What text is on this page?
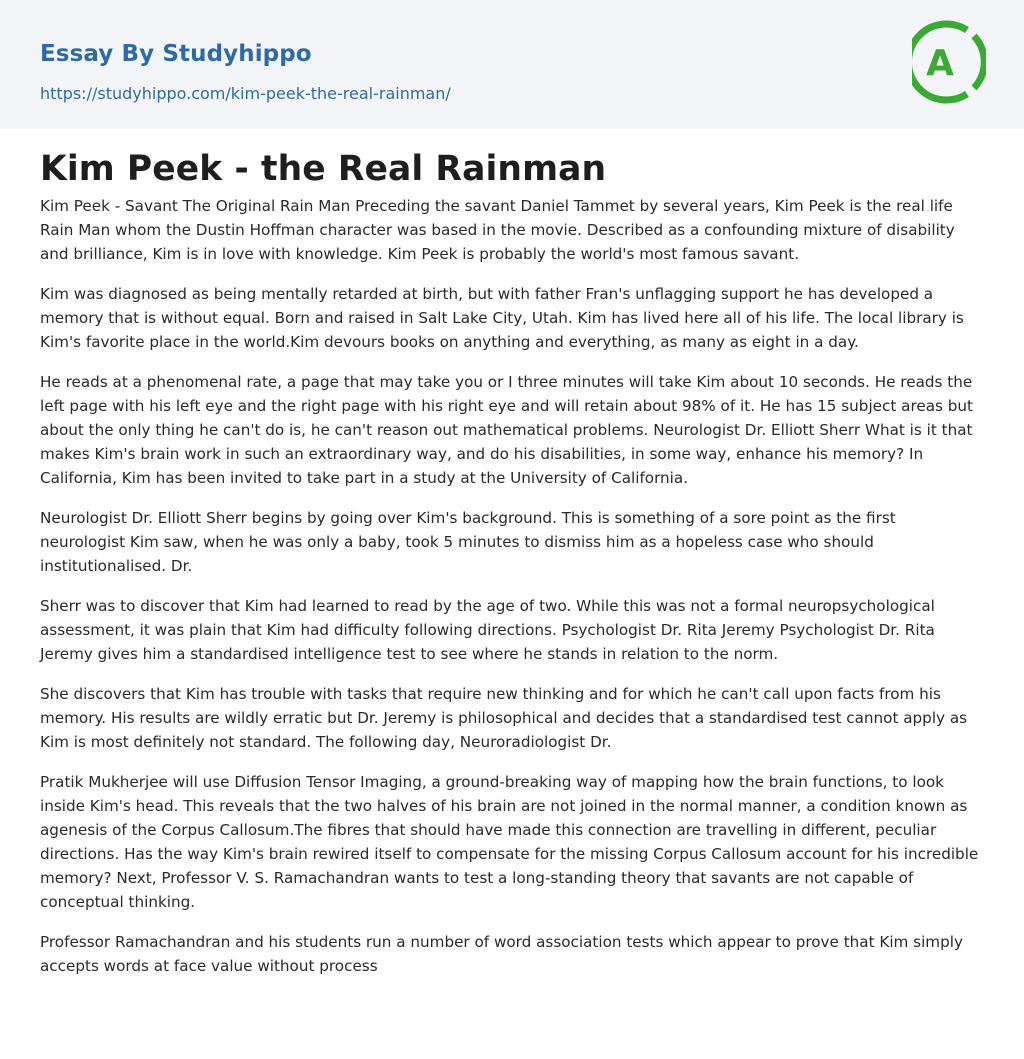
Essay By Studyhippo
https://studyhippo.com/kim-peek-the-real-rainman/
A
Kim Peek - the Real Rainman

Kim Peek - Savant The Original Rain Man Preceding the savant Daniel Tammet by several years, Kim Peek is the real life Rain Man whom the Dustin Hoffman character was based in the movie. Described as a confounding mixture of disability and brilliance, Kim is in love with knowledge. Kim Peek is probably the world's most famous savant.

Kim was diagnosed as being mentally retarded at birth, but with father Fran's unflagging support he has developed a memory that is without equal. Born and raised in Salt Lake City, Utah. Kim has lived here all of his life. The local library is Kim's favorite place in the world.Kim devours books on anything and everything, as many as eight in a day.

He reads at a phenomenal rate, a page that may take you or I three minutes will take Kim about 10 seconds. He reads the left page with his left eye and the right page with his right eye and will retain about 98% of it. He has 15 subject areas but about the only thing he can't do is, he can't reason out mathematical problems. Neurologist Dr. Elliott Sherr What is it that makes Kim's brain work in such an extraordinary way, and do his disabilities, in some way, enhance his memory? In California, Kim has been invited to take part in a study at the University of California.

Neurologist Dr. Elliott Sherr begins by going over Kim's background. This is something of a sore point as the first neurologist Kim saw, when he was only a baby, took 5 minutes to dismiss him as a hopeless case who should institutionalised. Dr.

Sherr was to discover that Kim had learned to read by the age of two. While this was not a formal neuropsychological assessment, it was plain that Kim had difficulty following directions. Psychologist Dr. Rita Jeremy Psychologist Dr. Rita Jeremy gives him a standardised intelligence test to see where he stands in relation to the norm.

She discovers that Kim has trouble with tasks that require new thinking and for which he can't call upon facts from his memory. His results are wildly erratic but Dr. Jeremy is philosophical and decides that a standardised test cannot apply as Kim is most definitely not standard. The following day, Neuroradiologist Dr.

Pratik Mukherjee will use Diffusion Tensor Imaging, a ground-breaking way of mapping how the brain functions, to look inside Kim's head. This reveals that the two halves of his brain are not joined in the normal manner, a condition known as agenesis of the Corpus Callosum.The fibres that should have made this connection are travelling in different, peculiar directions. Has the way Kim's brain rewired itself to compensate for the missing Corpus Callosum account for his incredible memory? Next, Professor V. S. Ramachandran wants to test a long-standing theory that savants are not capable of conceptual thinking.

Professor Ramachandran and his students run a number of word association tests which appear to prove that Kim simply accepts words at face value without process
